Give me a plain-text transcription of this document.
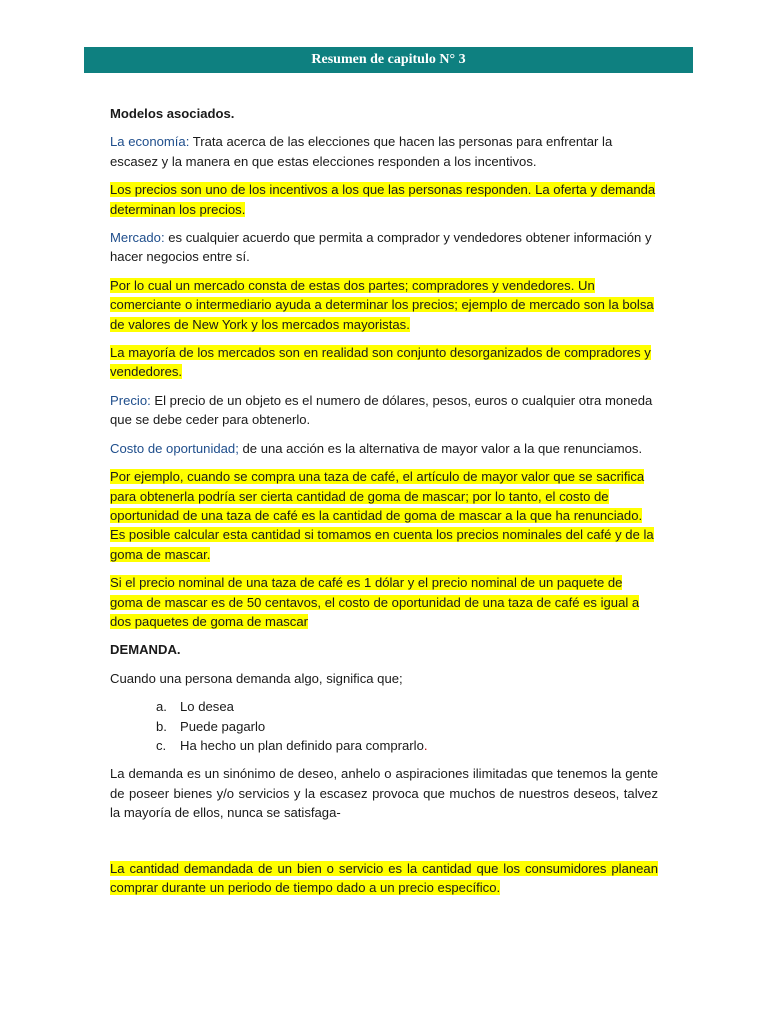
Resumen de capitulo N° 3

Modelos asociados.

La economía: Trata acerca de las elecciones que hacen las personas para enfrentar la escasez y la manera en que estas elecciones responden a los incentivos.

Los precios son uno de los incentivos a los que las personas responden. La oferta y demanda determinan los precios.

Mercado: es cualquier acuerdo que permita a comprador y vendedores obtener información y hacer negocios entre sí.

Por lo cual un mercado consta de estas dos partes; compradores y vendedores. Un comerciante o intermediario ayuda a determinar los precios; ejemplo de mercado son la bolsa de valores de New York y los mercados mayoristas.

La mayoría de los mercados son en realidad son conjunto desorganizados de compradores y vendedores.

Precio: El precio de un objeto es el numero de dólares, pesos, euros o cualquier otra moneda que se debe ceder para obtenerlo.

Costo de oportunidad; de una acción es la alternativa de mayor valor a la que renunciamos.

Por ejemplo, cuando se compra una taza de café, el artículo de mayor valor que se sacrifica para obtenerla podría ser cierta cantidad de goma de mascar; por lo tanto, el costo de oportunidad de una taza de café es la cantidad de goma de mascar a la que ha renunciado. Es posible calcular esta cantidad si tomamos en cuenta los precios nominales del café y de la goma de mascar.

Si el precio nominal de una taza de café es 1 dólar y el precio nominal de un paquete de goma de mascar es de 50 centavos, el costo de oportunidad de una taza de café es igual a dos paquetes de goma de mascar

DEMANDA.

Cuando una persona demanda algo, significa que;

a. Lo desea
b. Puede pagarlo
c. Ha hecho un plan definido para comprarlo.

La demanda es un sinónimo de deseo, anhelo o aspiraciones ilimitadas que tenemos la gente de poseer bienes y/o servicios y la escasez provoca que muchos de nuestros deseos, talvez la mayoría de ellos, nunca se satisfaga-

La cantidad demandada de un bien o servicio es la cantidad que los consumidores planean comprar durante un periodo de tiempo dado a un precio específico.
